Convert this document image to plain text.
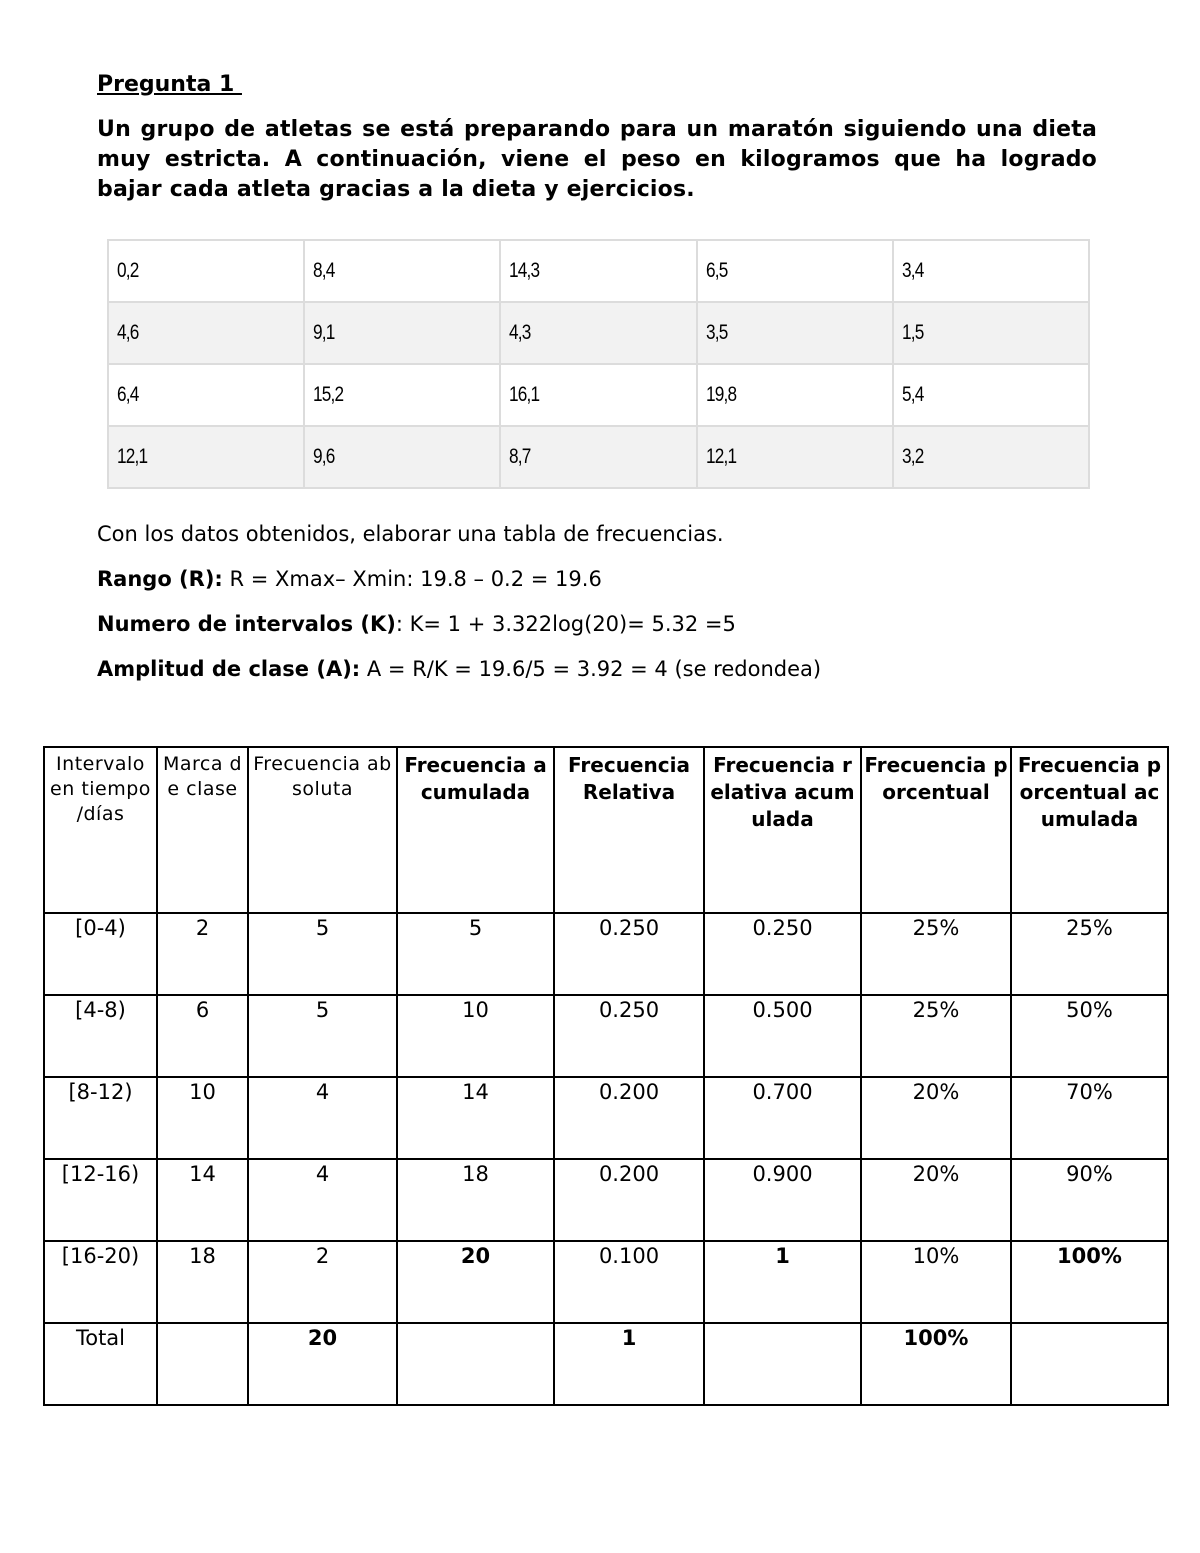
Pregunta 1
Un grupo de atletas se está preparando para un maratón siguiendo una dieta muy estricta. A continuación, viene el peso en kilogramos que ha logrado bajar cada atleta gracias a la dieta y ejercicios.
0,2	8,4	14,3	6,5	3,4
4,6	9,1	4,3	3,5	1,5
6,4	15,2	16,1	19,8	5,4
12,1	9,6	8,7	12,1	3,2
Con los datos obtenidos, elaborar una tabla de frecuencias.
Rango (R): R = Xmax– Xmin: 19.8 – 0.2 = 19.6
Numero de intervalos (K): K= 1 + 3.322log(20)= 5.32 =5
Amplitud de clase (A): A = R/K = 19.6/5 = 3.92 = 4 (se redondea)
Intervalo en tiempo /días	Marca de clase	Frecuencia absoluta	Frecuencia acumulada	Frecuencia Relativa	Frecuencia relativa acumulada	Frecuencia porcentual	Frecuencia porcentual acumulada
[0-4)	2	5	5	0.250	0.250	25%	25%
[4-8)	6	5	10	0.250	0.500	25%	50%
[8-12)	10	4	14	0.200	0.700	20%	70%
[12-16)	14	4	18	0.200	0.900	20%	90%
[16-20)	18	2	20	0.100	1	10%	100%
Total		20		1		100%	
